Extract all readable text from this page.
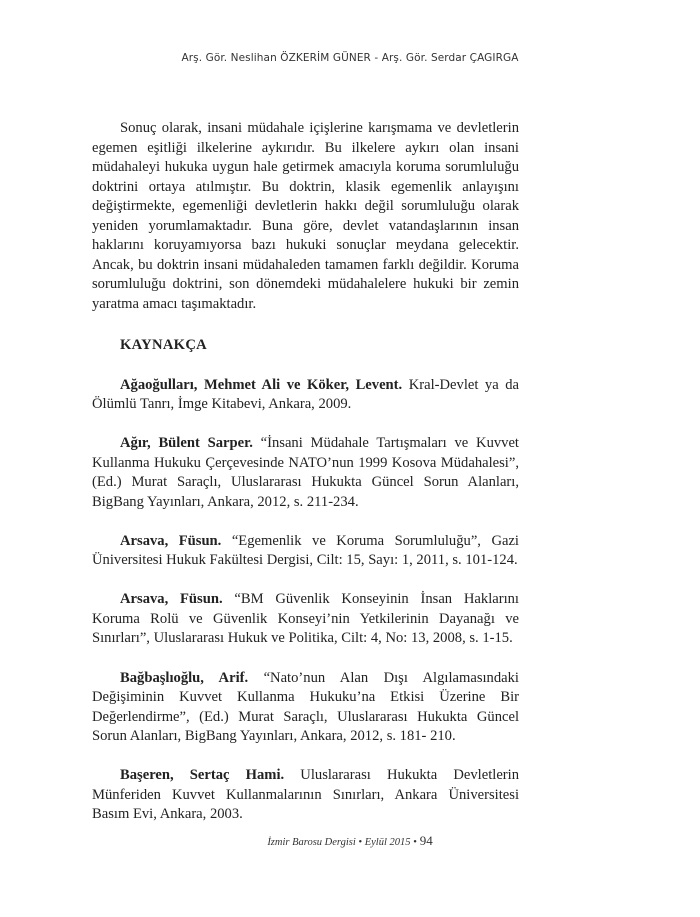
Arş. Gör. Neslihan ÖZKERİM GÜNER - Arş. Gör. Serdar ÇAGIRGA

Sonuç olarak, insani müdahale içişlerine karışmama ve devletlerin egemen eşitliği ilkelerine aykırıdır. Bu ilkelere aykırı olan insani müdahaleyi hukuka uygun hale getirmek amacıyla koruma sorumluluğu doktrini ortaya atılmıştır. Bu doktrin, klasik egemenlik anlayışını değiştirmekte, egemenliği devletlerin hakkı değil sorumluluğu olarak yeniden yorumlamaktadır. Buna göre, devlet vatandaşlarının insan haklarını koruyamıyorsa bazı hukuki sonuçlar meydana gelecektir. Ancak, bu doktrin insani müdahaleden tamamen farklı değildir. Koruma sorumluluğu doktrini, son dönemdeki müdahalelere hukuki bir zemin yaratma amacı taşımaktadır.

KAYNAKÇA

Ağaoğulları, Mehmet Ali ve Köker, Levent. Kral-Devlet ya da Ölümlü Tanrı, İmge Kitabevi, Ankara, 2009.

Ağır, Bülent Sarper. “İnsani Müdahale Tartışmaları ve Kuvvet Kullanma Hukuku Çerçevesinde NATO’nun 1999 Kosova Müdahalesi”, (Ed.) Murat Saraçlı, Uluslararası Hukukta Güncel Sorun Alanları, BigBang Yayınları, Ankara, 2012, s. 211-234.

Arsava, Füsun. “Egemenlik ve Koruma Sorumluluğu”, Gazi Üniversitesi Hukuk Fakültesi Dergisi, Cilt: 15, Sayı: 1, 2011, s. 101-124.

Arsava, Füsun. “BM Güvenlik Konseyinin İnsan Haklarını Koruma Rolü ve Güvenlik Konseyi’nin Yetkilerinin Dayanağı ve Sınırları”, Uluslararası Hukuk ve Politika, Cilt: 4, No: 13, 2008, s. 1-15.

Bağbaşlıoğlu, Arif. “Nato’nun Alan Dışı Algılamasındaki Değişiminin Kuvvet Kullanma Hukuku’na Etkisi Üzerine Bir Değerlendirme”, (Ed.) Murat Saraçlı, Uluslararası Hukukta Güncel Sorun Alanları, BigBang Yayınları, Ankara, 2012, s. 181- 210.

Başeren, Sertaç Hami. Uluslararası Hukukta Devletlerin Münferiden Kuvvet Kullanmalarının Sınırları, Ankara Üniversitesi Basım Evi, Ankara, 2003.

İzmir Barosu Dergisi • Eylül 2015 • 94
